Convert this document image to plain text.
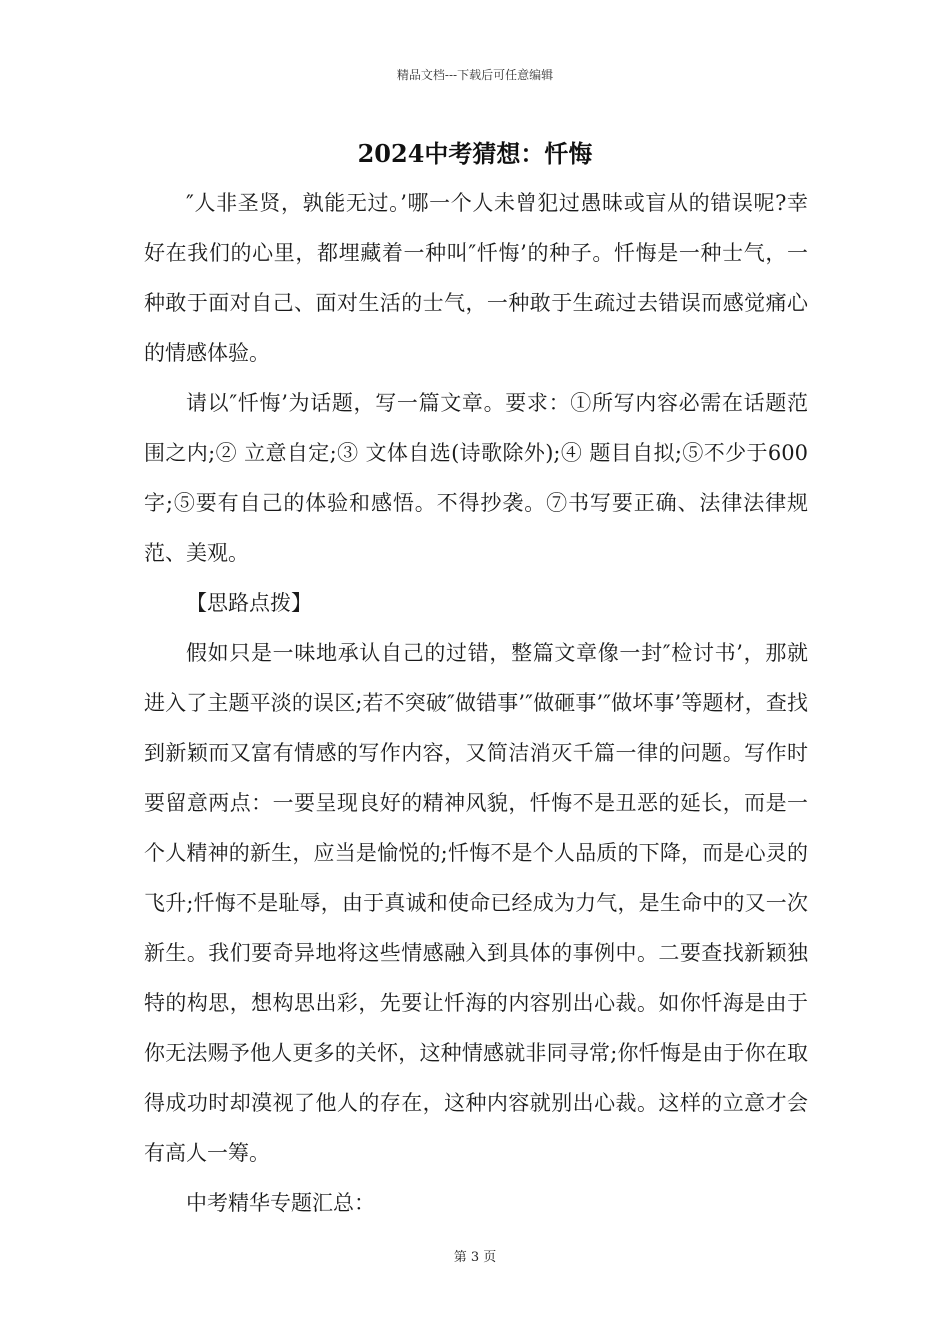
精品文档---下载后可任意编辑
2024中考猜想：忏悔

″人非圣贤，孰能无过。’哪一个人未曾犯过愚昧或盲从的错误呢?幸好在我们的心里，都埋藏着一种叫″忏悔’的种子。忏悔是一种士气，一种敢于面对自己、面对生活的士气，一种敢于生疏过去错误而感觉痛心的情感体验。

请以″忏悔’为话题，写一篇文章。要求：①所写内容必需在话题范围之内;② 立意自定;③ 文体自选(诗歌除外);④ 题目自拟;⑤不少于600字;⑤要有自己的体验和感悟。不得抄袭。⑦书写要正确、法律法律规范、美观。

【思路点拨】

假如只是一味地承认自己的过错，整篇文章像一封″检讨书’，那就进入了主题平淡的误区;若不突破″做错事’″做砸事’″做坏事’等题材，查找到新颖而又富有情感的写作内容，又简洁消灭千篇一律的问题。写作时要留意两点：一要呈现良好的精神风貌，忏悔不是丑恶的延长，而是一个人精神的新生，应当是愉悦的;忏悔不是个人品质的下降，而是心灵的飞升;忏悔不是耻辱，由于真诚和使命已经成为力气，是生命中的又一次新生。我们要奇异地将这些情感融入到具体的事例中。二要查找新颖独特的构思，想构思出彩，先要让忏海的内容别出心裁。如你忏海是由于你无法赐予他人更多的关怀，这种情感就非同寻常;你忏悔是由于你在取得成功时却漠视了他人的存在，这种内容就别出心裁。这样的立意才会有高人一筹。

中考精华专题汇总：

第 3 页
